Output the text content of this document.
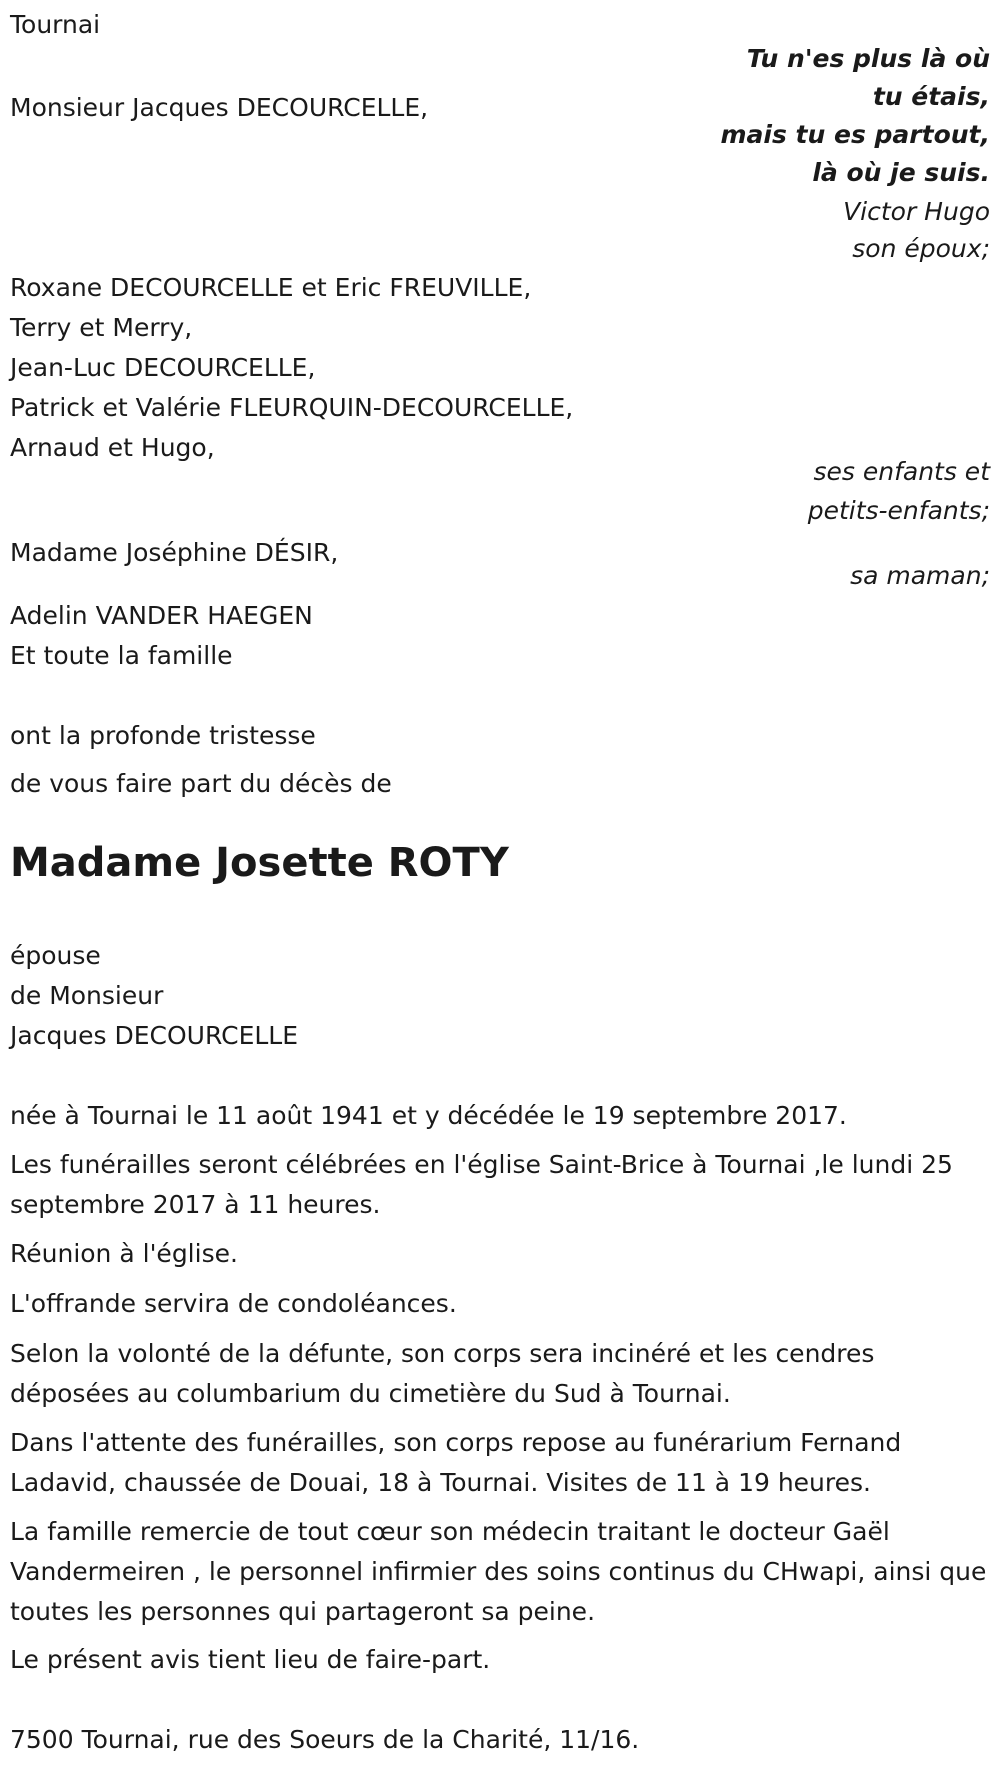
Tournai
Monsieur Jacques DECOURCELLE,
Tu n'es plus là où
tu étais,
mais tu es partout,
là où je suis.
Victor Hugo
son époux;
Roxane DECOURCELLE et Eric FREUVILLE,
Terry et Merry,
Jean-Luc DECOURCELLE,
Patrick et Valérie FLEURQUIN-DECOURCELLE,
Arnaud et Hugo,
ses enfants et
petits-enfants;
Madame Joséphine DÉSIR,
sa maman;
Adelin VANDER HAEGEN
Et toute la famille
ont la profonde tristesse
de vous faire part du décès de
Madame Josette ROTY
épouse
de Monsieur
Jacques DECOURCELLE
née à Tournai le 11 août 1941 et y décédée le 19 septembre 2017.
Les funérailles seront célébrées en l'église Saint-Brice à Tournai ,le lundi 25 septembre 2017 à 11 heures.
Réunion à l'église.
L'offrande servira de condoléances.
Selon la volonté de la défunte, son corps sera incinéré et les cendres déposées au columbarium du cimetière du Sud à Tournai.
Dans l'attente des funérailles, son corps repose au funérarium Fernand Ladavid, chaussée de Douai, 18 à Tournai. Visites de 11 à 19 heures.
La famille remercie de tout cœur son médecin traitant le docteur Gaël Vandermeiren , le personnel infirmier des soins continus du CHwapi, ainsi que toutes les personnes qui partageront sa peine.
Le présent avis tient lieu de faire-part.
7500 Tournai, rue des Soeurs de la Charité, 11/16.
